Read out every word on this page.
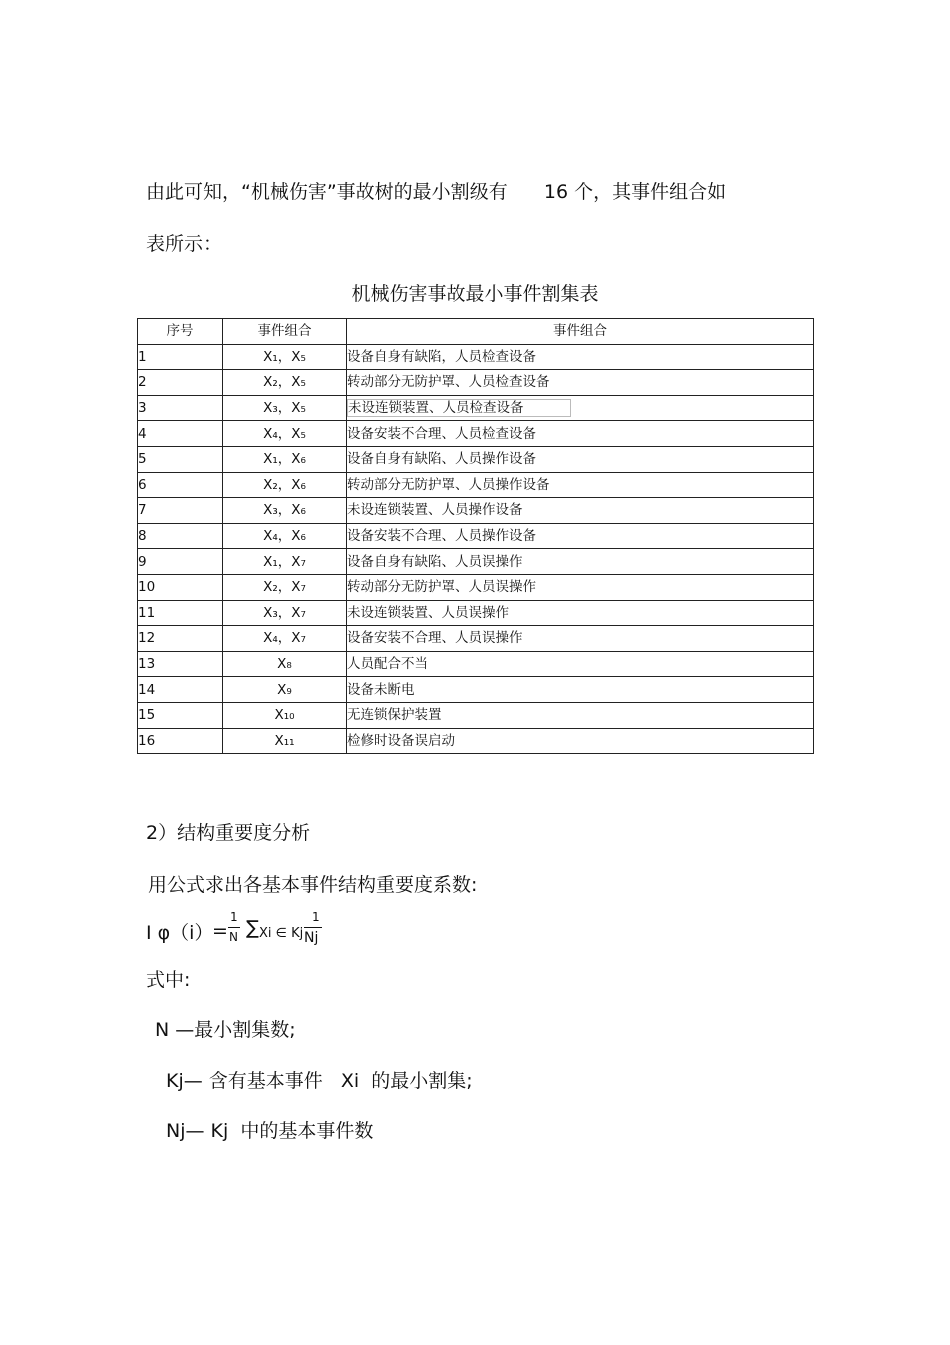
由此可知，“机械伤害”事故树的最小割级有      16 个，其事件组合如

表所示：

机械伤害事故最小事件割集表

序号	事件组合	事件组合
1	X₁，X₅	设备自身有缺陷，人员检查设备
2	X₂，X₅	转动部分无防护罩、人员检查设备
3	X₃，X₅	未设连锁装置、人员检查设备
4	X₄，X₅	设备安装不合理、人员检查设备
5	X₁，X₆	设备自身有缺陷、人员操作设备
6	X₂，X₆	转动部分无防护罩、人员操作设备
7	X₃，X₆	未设连锁装置、人员操作设备
8	X₄，X₆	设备安装不合理、人员操作设备
9	X₁，X₇	设备自身有缺陷、人员误操作
10	X₂，X₇	转动部分无防护罩、人员误操作
11	X₃，X₇	未设连锁装置、人员误操作
12	X₄，X₇	设备安装不合理、人员误操作
13	X₈	人员配合不当
14	X₉	设备未断电
15	X₁₀	无连锁保护装置
16	X₁₁	检修时设备误启动

2）结构重要度分析

用公式求出各基本事件结构重要度系数:

I φ（i）
=
1
N ∑ Xi ∈ Kj
1
Nj

式中:

N —最小割集数;

Kj— 含有基本事件   Xi  的最小割集;

Nj— Kj  中的基本事件数
